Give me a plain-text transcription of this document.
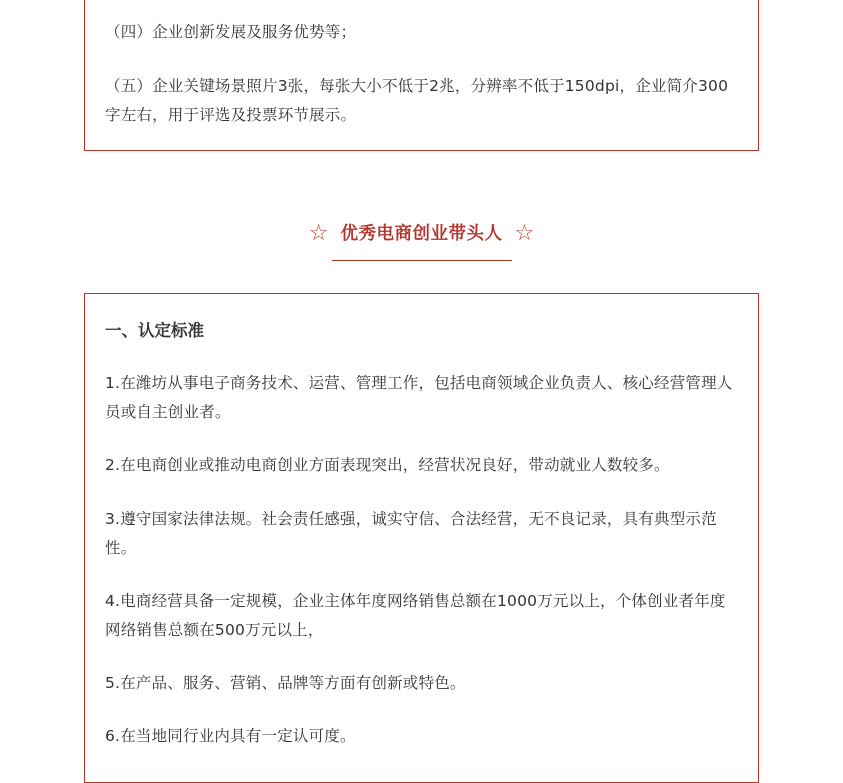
（四）企业创新发展及服务优势等；

（五）企业关键场景照片3张，每张大小不低于2兆，分辨率不低于150dpi，企业简介300字左右，用于评选及投票环节展示。

☆ 优秀电商创业带头人 ☆

一、认定标准

1.在潍坊从事电子商务技术、运营、管理工作，包括电商领域企业负责人、核心经营管理人员或自主创业者。

2.在电商创业或推动电商创业方面表现突出，经营状况良好，带动就业人数较多。

3.遵守国家法律法规。社会责任感强，诚实守信、合法经营，无不良记录，具有典型示范性。

4.电商经营具备一定规模，企业主体年度网络销售总额在1000万元以上，个体创业者年度网络销售总额在500万元以上，

5.在产品、服务、营销、品牌等方面有创新或特色。

6.在当地同行业内具有一定认可度。
